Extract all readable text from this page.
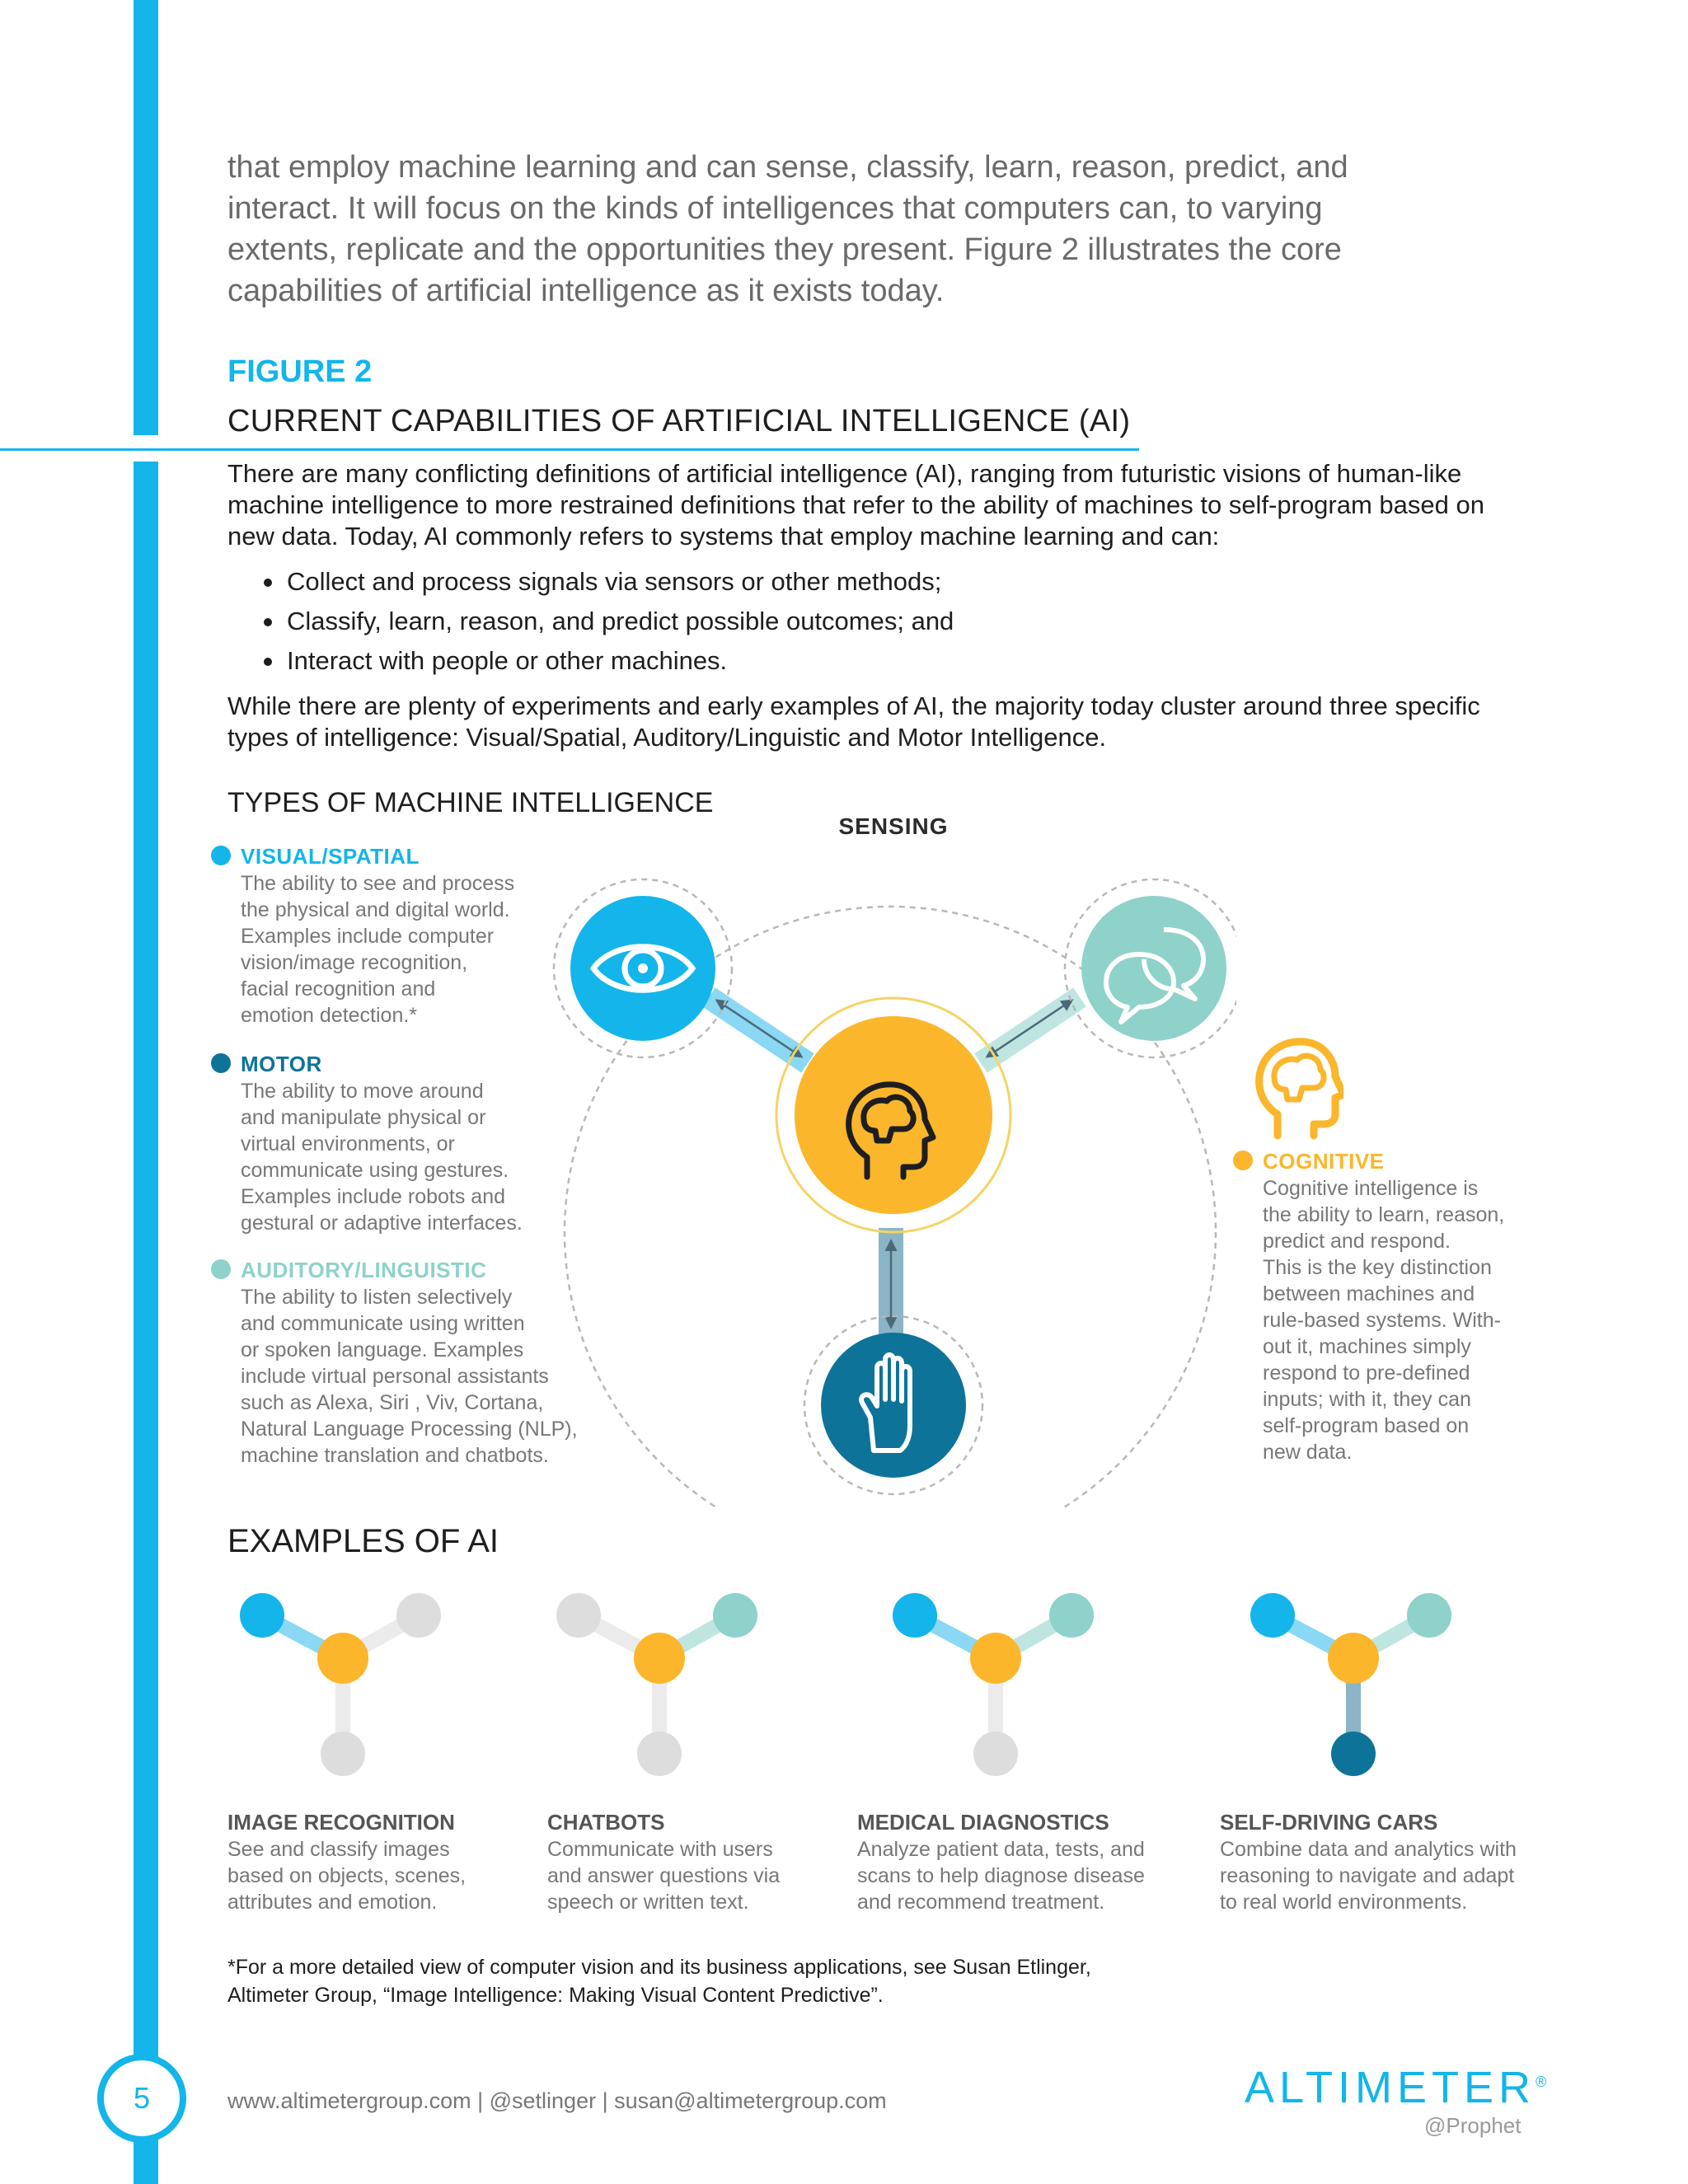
that employ machine learning and can sense, classify, learn, reason, predict, and interact. It will focus on the kinds of intelligences that computers can, to varying extents, replicate and the opportunities they present. Figure 2 illustrates the core capabilities of artificial intelligence as it exists today.
FIGURE 2
CURRENT CAPABILITIES OF ARTIFICIAL INTELLIGENCE (AI)
There are many conflicting definitions of artificial intelligence (AI), ranging from futuristic visions of human-like machine intelligence to more restrained definitions that refer to the ability of machines to self-program based on new data. Today, AI commonly refers to systems that employ machine learning and can:
Collect and process signals via sensors or other methods;
Classify, learn, reason, and predict possible outcomes; and
Interact with people or other machines.
While there are plenty of experiments and early examples of AI, the majority today cluster around three specific types of intelligence: Visual/Spatial, Auditory/Linguistic and Motor Intelligence.
TYPES OF MACHINE INTELLIGENCE
VISUAL/SPATIAL
The ability to see and process
the physical and digital world.
Examples include computer
vision/image recognition,
facial recognition and
emotion detection.*
MOTOR
The ability to move around
and manipulate physical or
virtual environments, or
communicate using gestures.
Examples include robots and
gestural or adaptive interfaces.
AUDITORY/LINGUISTIC
The ability to listen selectively
and communicate using written
or spoken language. Examples
include virtual personal assistants
such as Alexa, Siri , Viv, Cortana,
Natural Language Processing (NLP),
machine translation and chatbots.
COGNITIVE
Cognitive intelligence is
the ability to learn, reason,
predict and respond.
This is the key distinction
between machines and
rule-based systems. With-
out it, machines simply
respond to pre-defined
inputs; with it, they can
self-program based on
new data.
SENSING
EXAMPLES OF AI
IMAGE RECOGNITION
See and classify images
based on objects, scenes,
attributes and emotion.
CHATBOTS
Communicate with users
and answer questions via
speech or written text.
MEDICAL DIAGNOSTICS
Analyze patient data, tests, and
scans to help diagnose disease
and recommend treatment.
SELF-DRIVING CARS
Combine data and analytics with
reasoning to navigate and adapt
to real world environments.
*For a more detailed view of computer vision and its business applications, see Susan Etlinger,
Altimeter Group, “Image Intelligence: Making Visual Content Predictive”.
5	www.altimetergroup.com | @setlinger | susan@altimetergroup.com	ALTIMETER®
@Prophet
